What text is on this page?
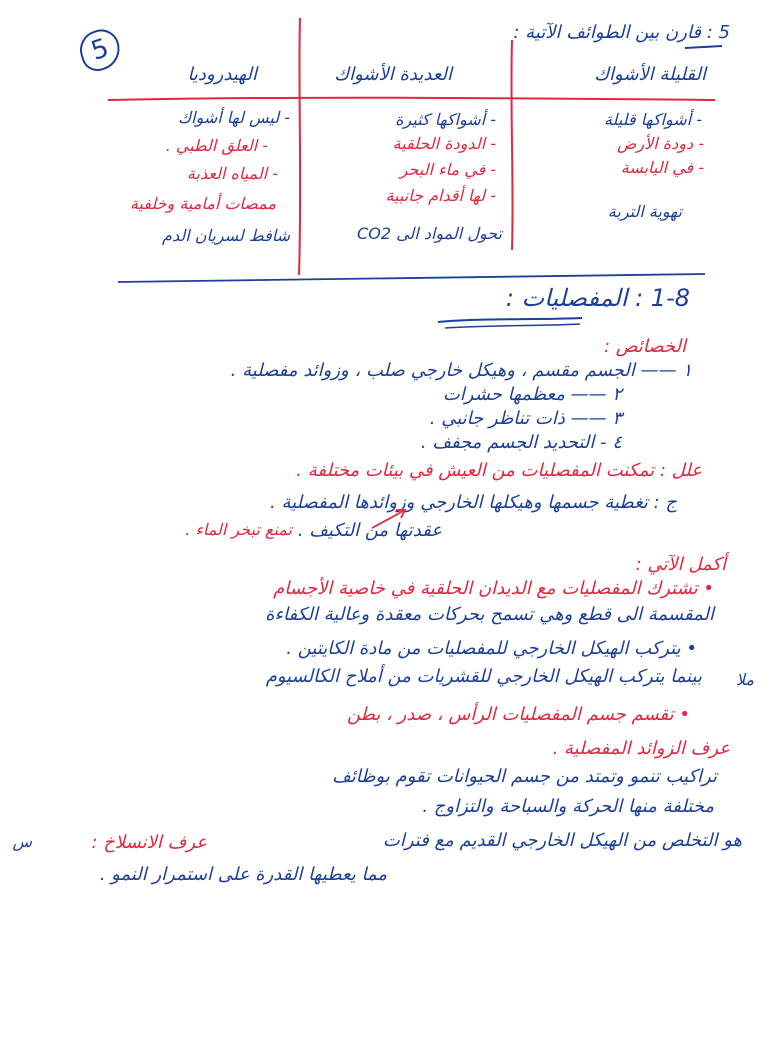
5
5 : قارن بين الطوائف الآتية :
القليلة الأشواك
العديدة الأشواك
الهيدروديا
- أشواكها قليلة
- دودة الأرض
- في اليابسة
تهوية التربة
- أشواكها كثيرة
- الدودة الحلقية
- في ماء البحر
- لها أقدام جانبية
تحول المواد الى CO2
- ليس لها أشواك
- العلق الطبي .
- المياه العذبة
ممصات أمامية وخلفية
شافط لسريان الدم
1-8 : المفصليات :
الخصائص :
١ —— الجسم مقسم ، وهيكل خارجي صلب ، وزوائد مفصلية .
٢ —— معظمها حشرات
٣ —— ذات تناظر جانبي .
٤ - التحديد الجسم مجفف .
علل : تمكنت المفصليات من العيش في بيئات مختلفة .
ج : تغطية جسمها وهيكلها الخارجي وزوائدها المفصلية .
عقدتها من التكيف .
تمنع تبخر الماء .
أكمل الآتي :
• تشترك المفصليات مع الديدان الحلقية في خاصية الأجسام
المقسمة الى قطع وهي تسمح بحركات معقدة وعالية الكفاءة
• يتركب الهيكل الخارجي للمفصليات من مادة الكايتين .
بينما يتركب الهيكل الخارجي للقشريات من أملاح الكالسيوم ملا
• تقسم جسم المفصليات الرأس ، صدر ، بطن
عرف الزوائد المفصلية .
تراكيب تنمو وتمتد من جسم الحيوانات تقوم بوظائف
مختلفة منها الحركة والسباحة والتزاوج .
عرف الانسلاخ :
س	هو التخلص من الهيكل الخارجي القديم مع فترات
مما يعطيها القدرة على استمرار النمو .
